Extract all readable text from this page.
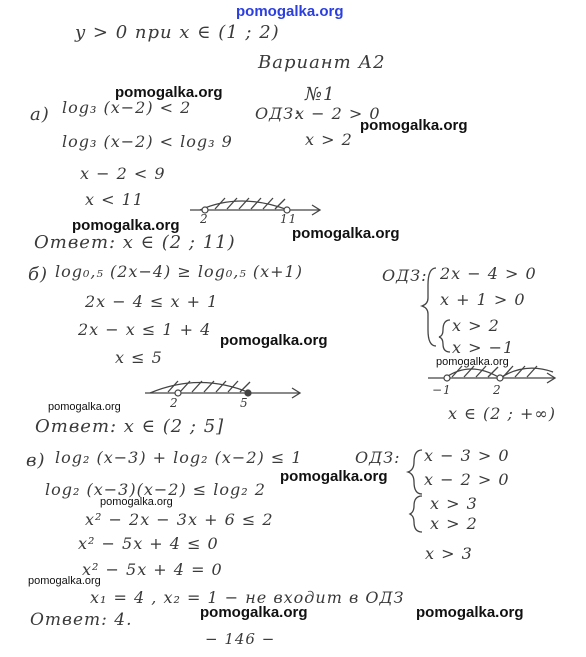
y > 0 при x ∈ (1 ; 2)
Вариант А2
№1
а) log₃ (x−2) < 2
log₃ (x−2) < log₃ 9
x − 2 < 9
x < 11
ОДЗ:
x − 2 > 0
x > 2
2	11
Ответ: x ∈ (2 ; 11)
б) log₀,₅ (2x−4) ≥ log₀,₅ (x+1)
2x − 4 ≤ x + 1
2x − x ≤ 1 + 4
x ≤ 5
ОДЗ: 2x − 4 > 0
x + 1 > 0
x > 2
x > −1
−1	2
x ∈ (2 ; +∞)
2	5
Ответ: x ∈ (2 ; 5]
в) log₂ (x−3) + log₂ (x−2) ≤ 1
log₂ (x−3)(x−2) ≤ log₂ 2
x² − 2x − 3x + 6 ≤ 2
x² − 5x + 4 ≤ 0
x² − 5x + 4 = 0
x₁ = 4 , x₂ = 1 − не входит в ОДЗ
ОДЗ: x − 3 > 0
x − 2 > 0
x > 3
x > 2
x > 3
Ответ: 4.
− 146 −
pomogalka.org
pomogalka.org
pomogalka.org
pomogalka.org	pomogalka.org
pomogalka.org
pomogalka.org
pomogalka.org
pomogalka.org
pomogalka.org
pomogalka.org
pomogalka.org	pomogalka.org
